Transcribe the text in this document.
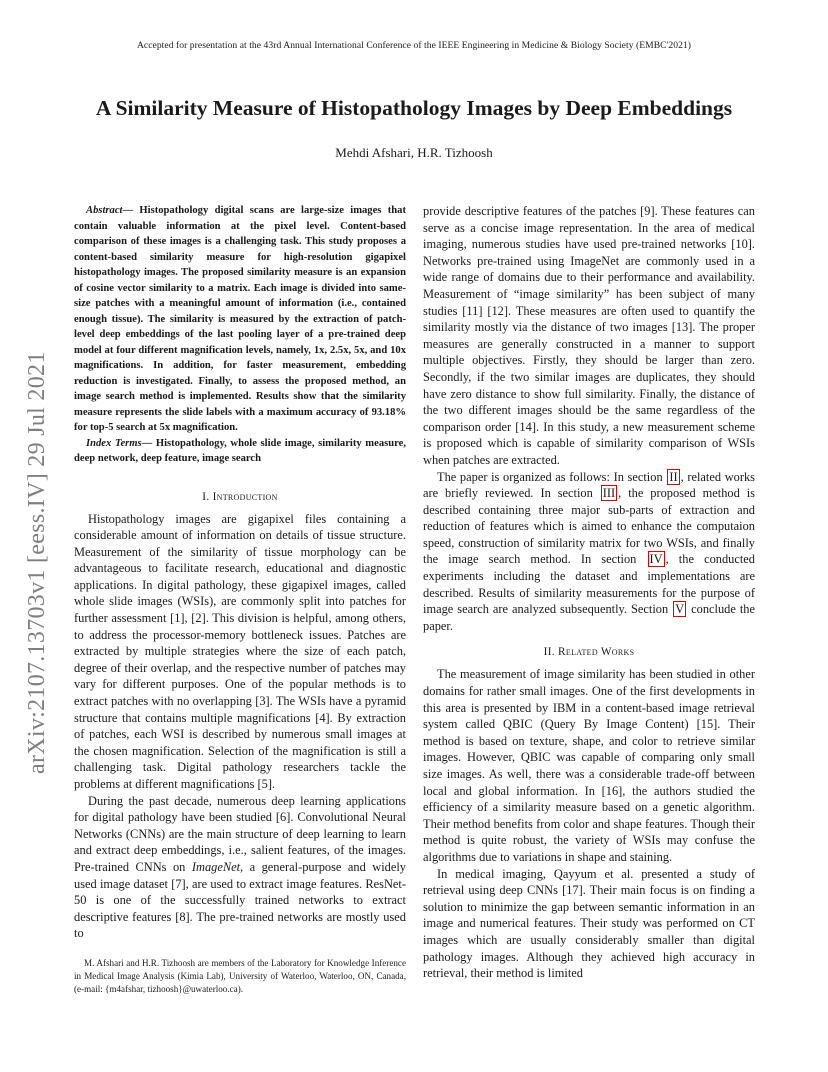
Accepted for presentation at the 43rd Annual International Conference of the IEEE Engineering in Medicine & Biology Society (EMBC'2021)
A Similarity Measure of Histopathology Images by Deep Embeddings
Mehdi Afshari, H.R. Tizhoosh
arXiv:2107.13703v1 [eess.IV] 29 Jul 2021

Abstract— Histopathology digital scans are large-size images that contain valuable information at the pixel level. Content-based comparison of these images is a challenging task. This study proposes a content-based similarity measure for high-resolution gigapixel histopathology images. The proposed similarity measure is an expansion of cosine vector similarity to a matrix. Each image is divided into same-size patches with a meaningful amount of information (i.e., contained enough tissue). The similarity is measured by the extraction of patch-level deep embeddings of the last pooling layer of a pre-trained deep model at four different magnification levels, namely, 1x, 2.5x, 5x, and 10x magnifications. In addition, for faster measurement, embedding reduction is investigated. Finally, to assess the proposed method, an image search method is implemented. Results show that the similarity measure represents the slide labels with a maximum accuracy of 93.18% for top-5 search at 5x magnification.

Index Terms— Histopathology, whole slide image, similarity measure, deep network, deep feature, image search

I. Introduction

Histopathology images are gigapixel files containing a considerable amount of information on details of tissue structure. Measurement of the similarity of tissue morphology can be advantageous to facilitate research, educational and diagnostic applications. In digital pathology, these gigapixel images, called whole slide images (WSIs), are commonly split into patches for further assessment [1], [2]. This division is helpful, among others, to address the processor-memory bottleneck issues. Patches are extracted by multiple strategies where the size of each patch, degree of their overlap, and the respective number of patches may vary for different purposes. One of the popular methods is to extract patches with no overlapping [3]. The WSIs have a pyramid structure that contains multiple magnifications [4]. By extraction of patches, each WSI is described by numerous small images at the chosen magnification. Selection of the magnification is still a challenging task. Digital pathology researchers tackle the problems at different magnifications [5].

During the past decade, numerous deep learning applications for digital pathology have been studied [6]. Convolutional Neural Networks (CNNs) are the main structure of deep learning to learn and extract deep embeddings, i.e., salient features, of the images. Pre-trained CNNs on ImageNet, a general-purpose and widely used image dataset [7], are used to extract image features. ResNet-50 is one of the successfully trained networks to extract descriptive features [8]. The pre-trained networks are mostly used to

provide descriptive features of the patches [9]. These features can serve as a concise image representation. In the area of medical imaging, numerous studies have used pre-trained networks [10]. Networks pre-trained using ImageNet are commonly used in a wide range of domains due to their performance and availability. Measurement of “image similarity” has been subject of many studies [11] [12]. These measures are often used to quantify the similarity mostly via the distance of two images [13]. The proper measures are generally constructed in a manner to support multiple objectives. Firstly, they should be larger than zero. Secondly, if the two similar images are duplicates, they should have zero distance to show full similarity. Finally, the distance of the two different images should be the same regardless of the comparison order [14]. In this study, a new measurement scheme is proposed which is capable of similarity comparison of WSIs when patches are extracted.

The paper is organized as follows: In section II , related works are briefly reviewed. In section III , the proposed method is described containing three major sub-parts of extraction and reduction of features which is aimed to enhance the computaion speed, construction of similarity matrix for two WSIs, and finally the image search method. In section IV , the conducted experiments including the dataset and implementations are described. Results of similarity measurements for the purpose of image search are analyzed subsequently. Section V conclude the paper.

II. Related Works

The measurement of image similarity has been studied in other domains for rather small images. One of the first developments in this area is presented by IBM in a content-based image retrieval system called QBIC (Query By Image Content) [15]. Their method is based on texture, shape, and color to retrieve similar images. However, QBIC was capable of comparing only small size images. As well, there was a considerable trade-off between local and global information. In [16], the authors studied the efficiency of a similarity measure based on a genetic algorithm. Their method benefits from color and shape features. Though their method is quite robust, the variety of WSIs may confuse the algorithms due to variations in shape and staining.

In medical imaging, Qayyum et al. presented a study of retrieval using deep CNNs [17]. Their main focus is on finding a solution to minimize the gap between semantic information in an image and numerical features. Their study was performed on CT images which are usually considerably smaller than digital pathology images. Although they achieved high accuracy in retrieval, their method is limited

M. Afshari and H.R. Tizhoosh are members of the Laboratory for Knowledge Inference in Medical Image Analysis (Kimia Lab), University of Waterloo, Waterloo, ON, Canada, (e-mail: {m4afshar, tizhoosh}@uwaterloo.ca).
